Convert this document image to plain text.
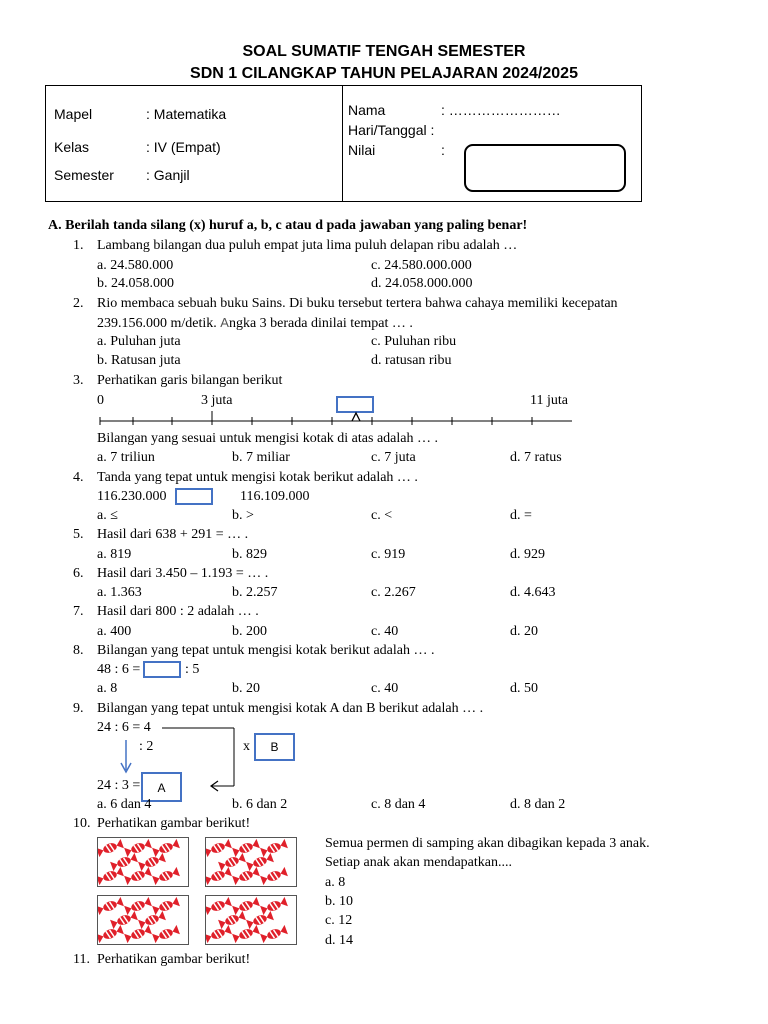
SOAL SUMATIF TENGAH SEMESTER
SDN 1 CILANGKAP TAHUN PELAJARAN 2024/2025
Mapel	: Matematika
Kelas	: IV (Empat)
Semester : Ganjil
Nama	: ……………………
Hari/Tanggal :
Nilai	:
A. Berilah tanda silang (x) huruf a, b, c atau d pada jawaban yang paling benar!
1. Lambang bilangan dua puluh empat juta lima puluh delapan ribu adalah …
a. 24.580.000	c. 24.580.000.000
b. 24.058.000	d. 24.058.000.000
2. Rio membaca sebuah buku Sains. Di buku tersebut tertera bahwa cahaya memiliki kecepatan
239.156.000 m/detik. Angka 3 berada dinilai tempat … .
a. Puluhan juta	c. Puluhan ribu
b. Ratusan juta	d. ratusan ribu
3. Perhatikan garis bilangan berikut
0	3 juta	11 juta
Bilangan yang sesuai untuk mengisi kotak di atas adalah … .
a. 7 triliun	b. 7 miliar	c. 7 juta	d. 7 ratus
4. Tanda yang tepat untuk mengisi kotak berikut adalah … .
116.230.000	116.109.000
a. ≤	b. >	c. <	d. =
5. Hasil dari 638 + 291 = … .
a. 819	b. 829	c. 919	d. 929
6. Hasil dari 3.450 – 1.193 = … .
a. 1.363	b. 2.257	c. 2.267	d. 4.643
7. Hasil dari 800 : 2 adalah … .
a. 400	b. 200	c. 40	d. 20
8. Bilangan yang tepat untuk mengisi kotak berikut adalah … .
48 : 6 =	: 5
a. 8	b. 20	c. 40	d. 50
9. Bilangan yang tepat untuk mengisi kotak A dan B berikut adalah … .
24 : 6 = 4
: 2	x	B
24 : 3 =	A
a. 6 dan 4	b. 6 dan 2	c. 8 dan 4	d. 8 dan 2
10. Perhatikan gambar berikut!
Semua permen di samping akan dibagikan kepada 3 anak.
Setiap anak akan mendapatkan....
a. 8
b. 10
c. 12
d. 14
11. Perhatikan gambar berikut!
